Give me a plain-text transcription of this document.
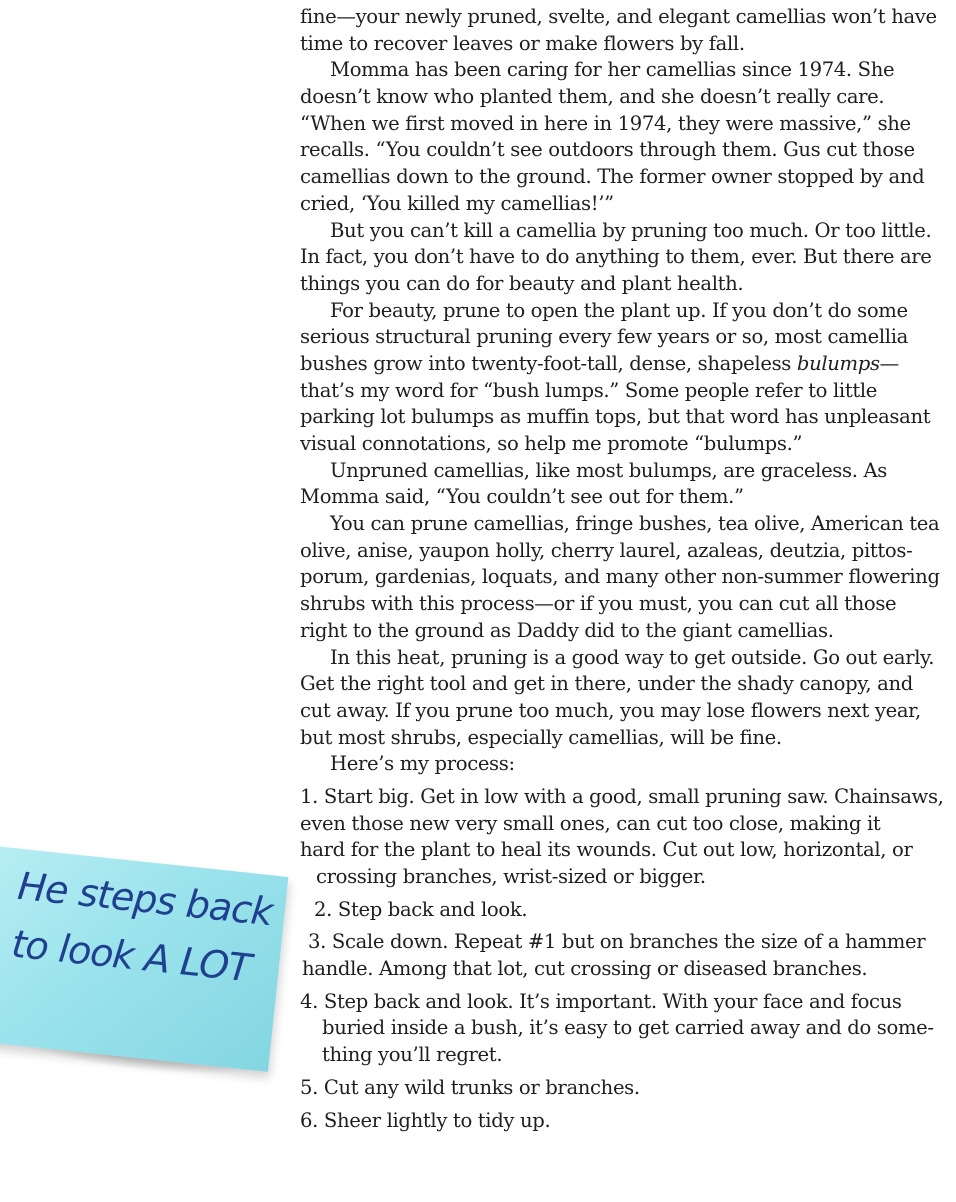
fine—your newly pruned, svelte, and elegant camellias won’t have
time to recover leaves or make flowers by fall.
Momma has been caring for her camellias since 1974. She
doesn’t know who planted them, and she doesn’t really care.
“When we first moved in here in 1974, they were massive,” she
recalls. “You couldn’t see outdoors through them. Gus cut those
camellias down to the ground. The former owner stopped by and
cried, ‘You killed my camellias!’”
But you can’t kill a camellia by pruning too much. Or too little.
In fact, you don’t have to do anything to them, ever. But there are
things you can do for beauty and plant health.
For beauty, prune to open the plant up. If you don’t do some
serious structural pruning every few years or so, most camellia
bushes grow into twenty-foot-tall, dense, shapeless bulumps—
that’s my word for “bush lumps.” Some people refer to little
parking lot bulumps as muffin tops, but that word has unpleasant
visual connotations, so help me promote “bulumps.”
Unpruned camellias, like most bulumps, are graceless. As
Momma said, “You couldn’t see out for them.”
You can prune camellias, fringe bushes, tea olive, American tea
olive, anise, yaupon holly, cherry laurel, azaleas, deutzia, pittos-
porum, gardenias, loquats, and many other non-summer flowering
shrubs with this process—or if you must, you can cut all those
right to the ground as Daddy did to the giant camellias.
In this heat, pruning is a good way to get outside. Go out early.
Get the right tool and get in there, under the shady canopy, and
cut away. If you prune too much, you may lose flowers next year,
but most shrubs, especially camellias, will be fine.
Here’s my process:
1. Start big. Get in low with a good, small pruning saw. Chainsaws,
even those new very small ones, can cut too close, making it
hard for the plant to heal its wounds. Cut out low, horizontal, or
crossing branches, wrist-sized or bigger.
2. Step back and look.
3. Scale down. Repeat #1 but on branches the size of a hammer
handle. Among that lot, cut crossing or diseased branches.
4. Step back and look. It’s important. With your face and focus
buried inside a bush, it’s easy to get carried away and do some-
thing you’ll regret.
5. Cut any wild trunks or branches.
6. Sheer lightly to tidy up.
He steps back
to look A LOT
